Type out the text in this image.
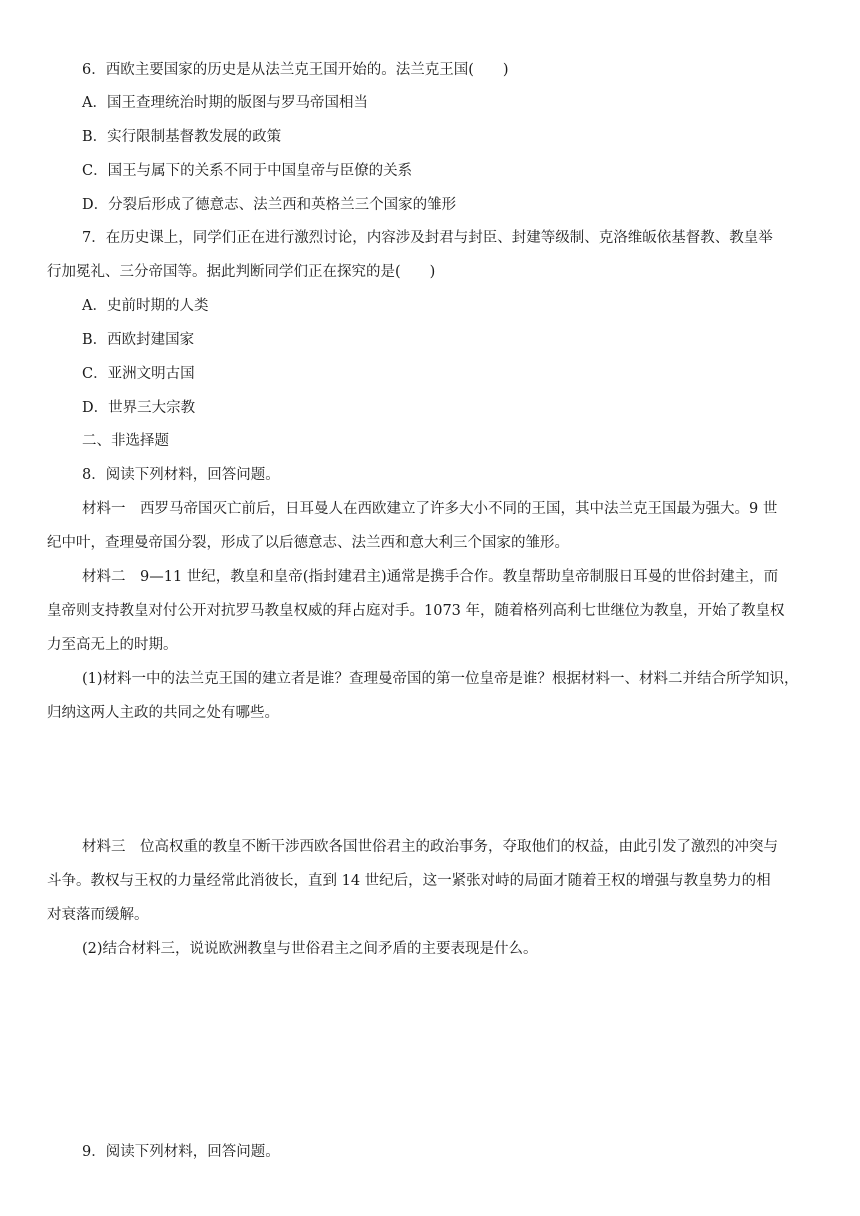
6．西欧主要国家的历史是从法兰克王国开始的。法兰克王国(　　)
A．国王查理统治时期的版图与罗马帝国相当
B．实行限制基督教发展的政策
C．国王与属下的关系不同于中国皇帝与臣僚的关系
D．分裂后形成了德意志、法兰西和英格兰三个国家的雏形
7．在历史课上，同学们正在进行激烈讨论，内容涉及封君与封臣、封建等级制、克洛维皈依基督教、教皇举
行加冕礼、三分帝国等。据此判断同学们正在探究的是(　　)
A．史前时期的人类
B．西欧封建国家
C．亚洲文明古国
D．世界三大宗教
二、非选择题
8．阅读下列材料，回答问题。
材料一　西罗马帝国灭亡前后，日耳曼人在西欧建立了许多大小不同的王国，其中法兰克王国最为强大。9 世
纪中叶，查理曼帝国分裂，形成了以后德意志、法兰西和意大利三个国家的雏形。
材料二　9—11 世纪，教皇和皇帝(指封建君主)通常是携手合作。教皇帮助皇帝制服日耳曼的世俗封建主，而
皇帝则支持教皇对付公开对抗罗马教皇权威的拜占庭对手。1073 年，随着格列高利七世继位为教皇，开始了教皇权
力至高无上的时期。
(1)材料一中的法兰克王国的建立者是谁？查理曼帝国的第一位皇帝是谁？根据材料一、材料二并结合所学知识，
归纳这两人主政的共同之处有哪些。
材料三　位高权重的教皇不断干涉西欧各国世俗君主的政治事务，夺取他们的权益，由此引发了激烈的冲突与
斗争。教权与王权的力量经常此消彼长，直到 14 世纪后，这一紧张对峙的局面才随着王权的增强与教皇势力的相
对衰落而缓解。
(2)结合材料三，说说欧洲教皇与世俗君主之间矛盾的主要表现是什么。
9．阅读下列材料，回答问题。
